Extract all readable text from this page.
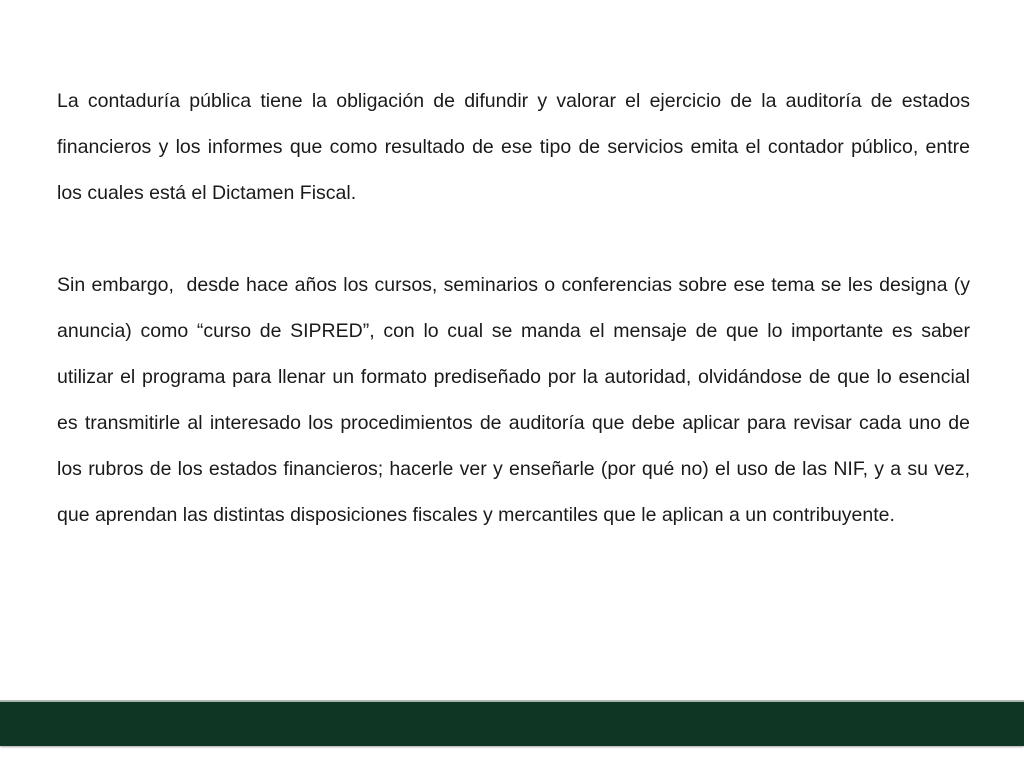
La contaduría pública tiene la obligación de difundir y valorar el ejercicio de la auditoría de estados financieros y los informes que como resultado de ese tipo de servicios emita el contador público, entre los cuales está el Dictamen Fiscal.

Sin embargo,  desde hace años los cursos, seminarios o conferencias sobre ese tema se les designa (y anuncia) como “curso de SIPRED”, con lo cual se manda el mensaje de que lo importante es saber utilizar el programa para llenar un formato prediseñado por la autoridad, olvidándose de que lo esencial es transmitirle al interesado los procedimientos de auditoría que debe aplicar para revisar cada uno de los rubros de los estados financieros; hacerle ver y enseñarle (por qué no) el uso de las NIF, y a su vez, que aprendan las distintas disposiciones fiscales y mercantiles que le aplican a un contribuyente.
